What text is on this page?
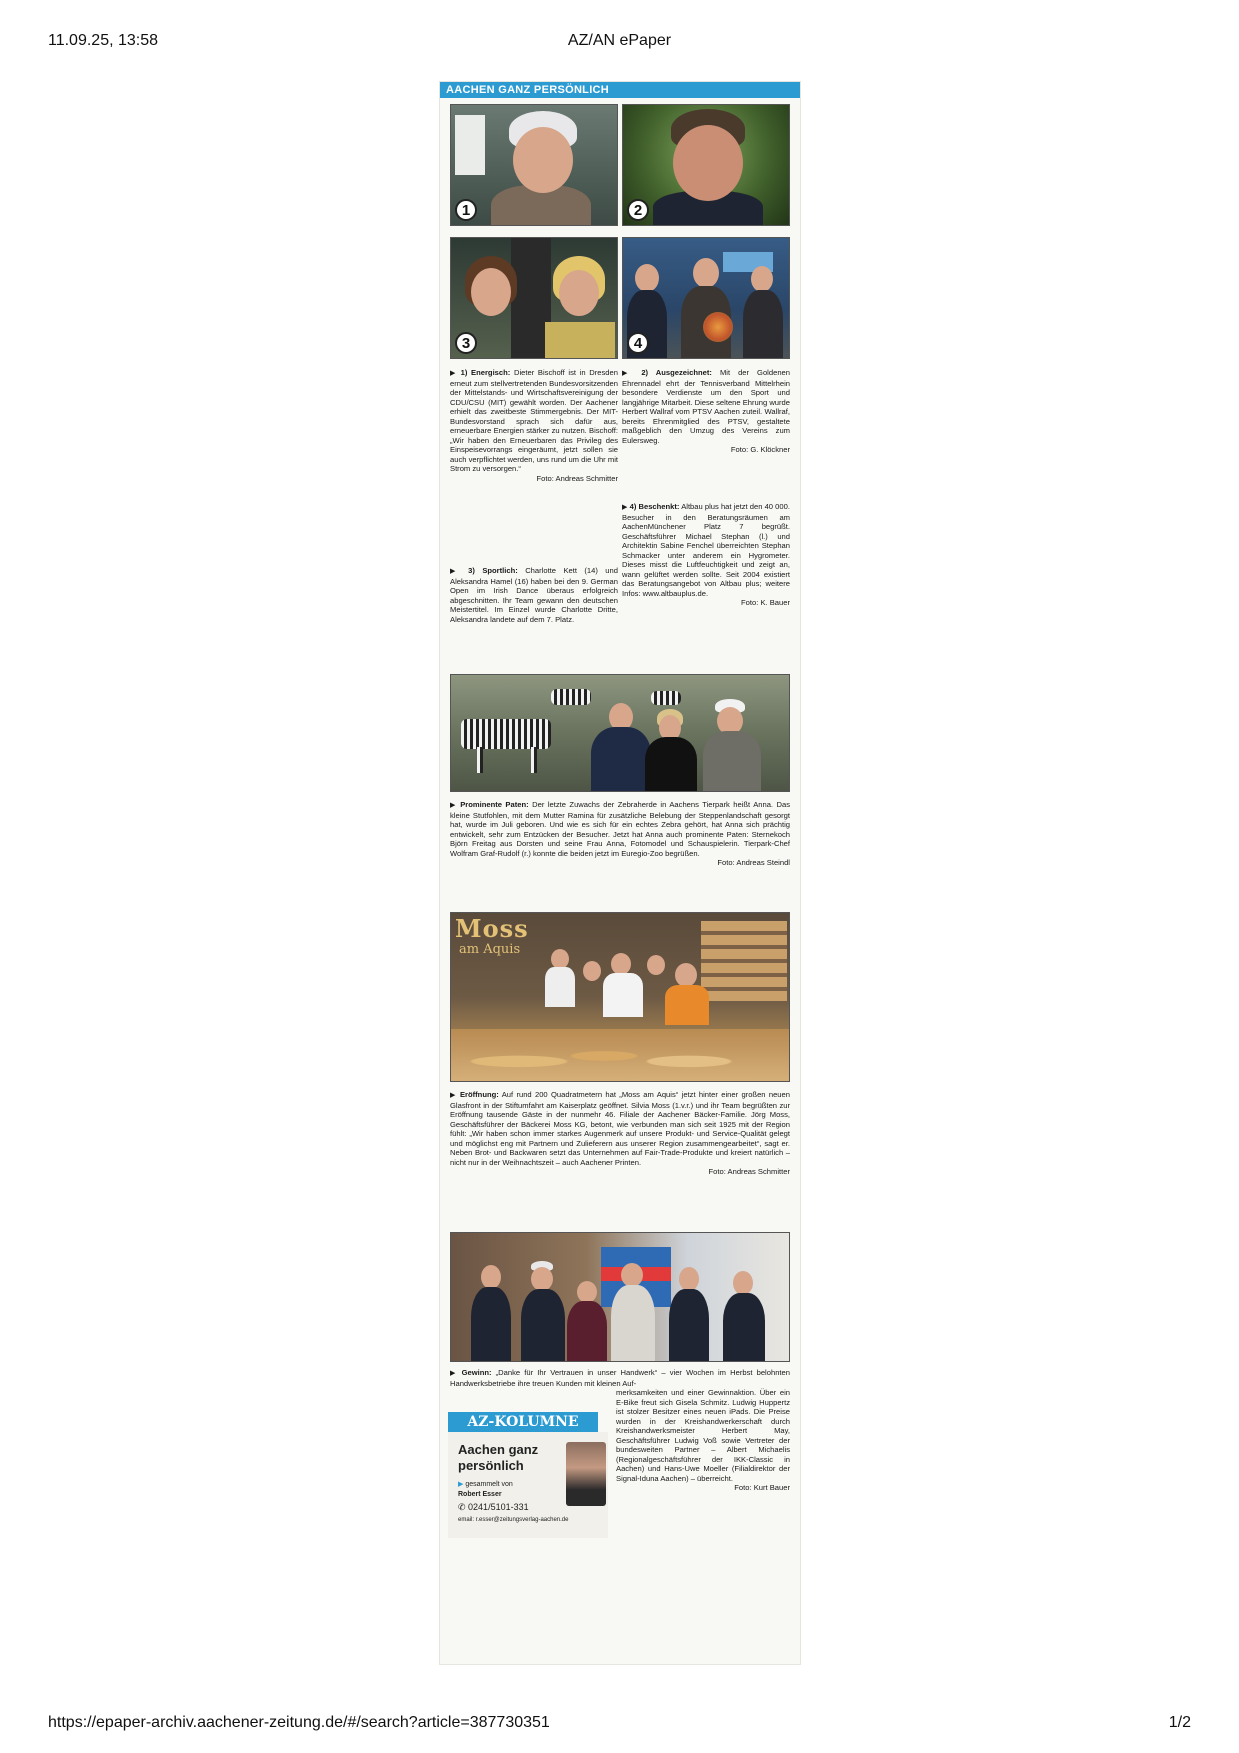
11.09.25, 13:58	AZ/AN ePaper
AACHEN GANZ PERSÖNLICH
1	2
3	4
▶ 1) Energisch: Dieter Bischoff ist in Dresden erneut zum stellvertretenden Bundesvorsitzenden der Mittelstands- und Wirtschaftsvereinigung der CDU/CSU (MIT) gewählt worden. Der Aachener erhielt das zweitbeste Stimmergebnis. Der MIT-Bundesvorstand sprach sich dafür aus, erneuerbare Energien stärker zu nutzen. Bischoff: „Wir haben den Erneuerbaren das Privileg des Einspeisevorrangs eingeräumt, jetzt sollen sie auch verpflichtet werden, uns rund um die Uhr mit Strom zu versorgen.“
Foto: Andreas Schmitter
▶ 3) Sportlich: Charlotte Kett (14) und Aleksandra Hamel (16) haben bei den 9. German Open im Irish Dance überaus erfolgreich abgeschnitten. Ihr Team gewann den deutschen Meistertitel. Im Einzel wurde Charlotte Dritte, Aleksandra landete auf dem 7. Platz.
▶ 2) Ausgezeichnet: Mit der Goldenen Ehrennadel ehrt der Tennisverband Mittelrhein besondere Verdienste um den Sport und langjährige Mitarbeit. Diese seltene Ehrung wurde Herbert Wallraf vom PTSV Aachen zuteil. Wallraf, bereits Ehrenmitglied des PTSV, gestaltete maßgeblich den Umzug des Vereins zum Eulersweg.
Foto: G. Klöckner
▶ 4) Beschenkt: Altbau plus hat jetzt den 40 000. Besucher in den Beratungsräumen am AachenMünchener Platz 7 begrüßt. Geschäftsführer Michael Stephan (l.) und Architektin Sabine Fenchel überreichten Stephan Schmacker unter anderem ein Hygrometer. Dieses misst die Luftfeuchtigkeit und zeigt an, wann gelüftet werden sollte. Seit 2004 existiert das Beratungsangebot von Altbau plus; weitere Infos: www.altbauplus.de.
Foto: K. Bauer
▶ Prominente Paten: Der letzte Zuwachs der Zebraherde in Aachens Tierpark heißt Anna. Das kleine Stutfohlen, mit dem Mutter Ramina für zusätzliche Belebung der Steppenlandschaft gesorgt hat, wurde im Juli geboren. Und wie es sich für ein echtes Zebra gehört, hat Anna sich prächtig entwickelt, sehr zum Entzücken der Besucher. Jetzt hat Anna auch prominente Paten: Sternekoch Björn Freitag aus Dorsten und seine Frau Anna, Fotomodel und Schauspielerin. Tierpark-Chef Wolfram Graf-Rudolf (r.) konnte die beiden jetzt im Euregio-Zoo begrüßen.
Foto: Andreas Steindl
Moss
am Aquis
▶ Eröffnung: Auf rund 200 Quadratmetern hat „Moss am Aquis“ jetzt hinter einer großen neuen Glasfront in der Stiftumfahrt am Kaiserplatz geöffnet. Silvia Moss (1.v.r.) und ihr Team begrüßten zur Eröffnung tausende Gäste in der nunmehr 46. Filiale der Aachener Bäcker-Familie. Jörg Moss, Geschäftsführer der Bäckerei Moss KG, betont, wie verbunden man sich seit 1925 mit der Region fühlt: „Wir haben schon immer starkes Augenmerk auf unsere Produkt- und Service-Qualität gelegt und möglichst eng mit Partnern und Zulieferern aus unserer Region zusammengearbeitet“, sagt er. Neben Brot- und Backwaren setzt das Unternehmen auf Fair-Trade-Produkte und kreiert natürlich – nicht nur in der Weihnachtszeit – auch Aachener Printen.
Foto: Andreas Schmitter
▶ Gewinn: „Danke für Ihr Vertrauen in unser Handwerk“ – vier Wochen im Herbst belohnten Handwerksbetriebe ihre treuen Kunden mit kleinen Auf-
merksamkeiten und einer Gewinnaktion. Über ein E-Bike freut sich Gisela Schmitz. Ludwig Huppertz ist stolzer Besitzer eines neuen iPads. Die Preise wurden in der Kreishandwerkerschaft durch Kreishandwerksmeister Herbert May, Geschäftsführer Ludwig Voß sowie Vertreter der bundesweiten Partner – Albert Michaelis (Regionalgeschäftsführer der IKK-Classic in Aachen) und Hans-Uwe Moeller (Filialdirektor der Signal-Iduna Aachen) – überreicht.
Foto: Kurt Bauer
AZ-KOLUMNE
Aachen ganz persönlich
▶ gesammelt von
Robert Esser
✆ 0241/5101-331
email: r.esser@zeitungsverlag-aachen.de
https://epaper-archiv.aachener-zeitung.de/#/search?article=387730351	1/2
